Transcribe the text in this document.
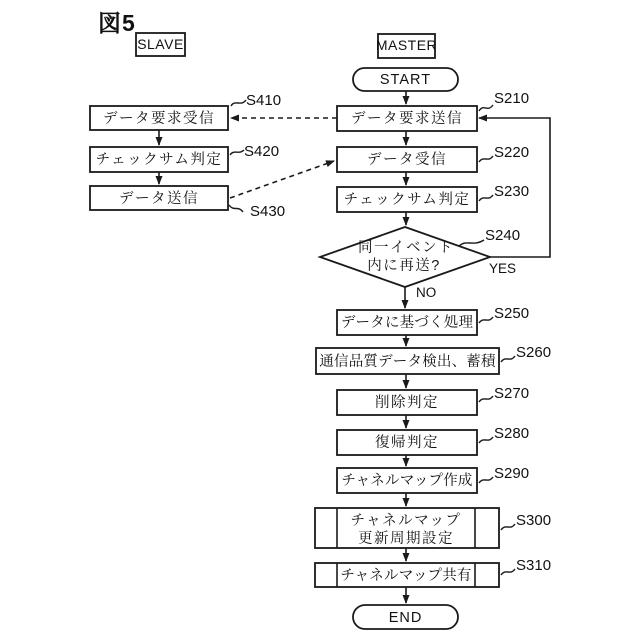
図5
SLAVE	MASTER
START
データ要求送信
データ受信
チェックサム判定
同一イベント
内に再送?
データに基づく処理
通信品質データ検出、蓄積
削除判定
復帰判定
チャネルマップ作成
チャネルマップ
更新周期設定
チャネルマップ共有
END
データ要求受信
チェックサム判定
データ送信
S410
S420
S430
S210
S220
S230
S240
S250
S260
S270
S280
S290
S300
S310
YES
NO
